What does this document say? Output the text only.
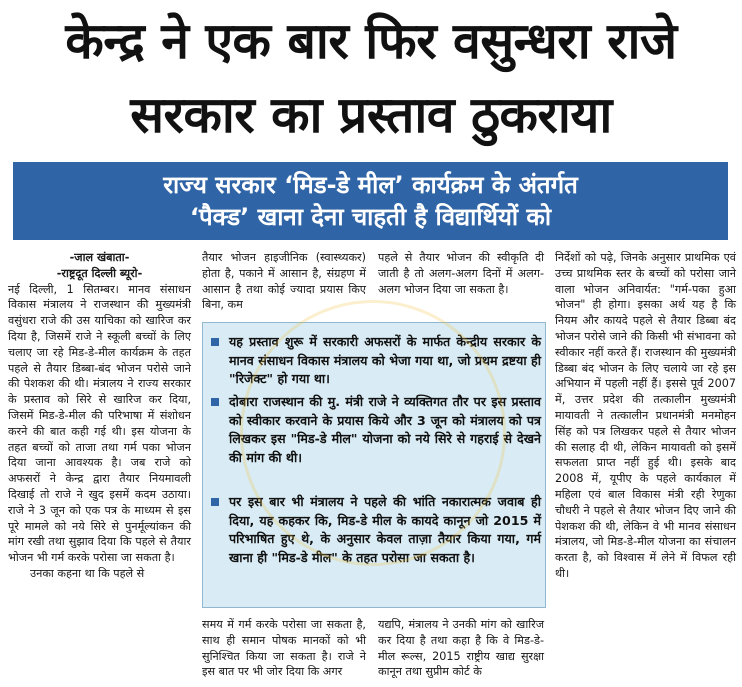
केन्द्र ने एक बार फिर वसुन्धरा राजे
सरकार का प्रस्ताव ठुकराया
राज्य सरकार ‘मिड-डे मील’ कार्यक्रम के अंतर्गत
‘पैक्ड’ खाना देना चाहती है विद्यार्थियों को

-जाल खंबाता-

-राष्ट्रदूत दिल्ली ब्यूरो-

नई दिल्ली, 1 सितम्बर। मानव संसाधन विकास मंत्रालय ने राजस्थान की मुख्यमंत्री वसुंधरा राजे की उस याचिका को खारिज कर दिया है, जिसमें राजे ने स्कूली बच्चों के लिए चलाए जा रहे मिड-डे-मील कार्यक्रम के तहत पहले से तैयार डिब्बा-बंद भोजन परोसे जाने की पेशकश की थी। मंत्रालय ने राज्य सरकार के प्रस्ताव को सिरे से खारिज कर दिया, जिसमें मिड-डे-मील की परिभाषा में संशोधन करने की बात कही गई थी। इस योजना के तहत बच्चों को ताजा तथा गर्म पका भोजन दिया जाना आवश्यक है। जब राजे को अफसरों ने केन्द्र द्वारा तैयार नियमावली दिखाई तो राजे ने खुद इसमें कदम उठाया। राजे ने 3 जून को एक पत्र के माध्यम से इस पूरे मामले को नये सिरे से पुनर्मूल्यांकन की मांग रखी तथा सुझाव दिया कि पहले से तैयार भोजन भी गर्म करके परोसा जा सकता है।

उनका कहना था कि पहले से

तैयार भोजन हाइजीनिक (स्वास्थ्यकर) होता है, पकाने में आसान है, संग्रहण में आसान है तथा कोई ज्यादा प्रयास किए बिना, कम
पहले से तैयार भोजन की स्वीकृति दी जाती है तो अलग-अलग दिनों में अलग-अलग भोजन दिया जा सकता है।
यह प्रस्ताव शुरू में सरकारी अफसरों के मार्फत केन्द्रीय सरकार के मानव संसाधन विकास मंत्रालय को भेजा गया था, जो प्रथम द्रष्टया ही "रिजेक्ट" हो गया था।
दोबारा राजस्थान की मु. मंत्री राजे ने व्यक्तिगत तौर पर इस प्रस्ताव को स्वीकार करवाने के प्रयास किये और 3 जून को मंत्रालय को पत्र लिखकर इस "मिड-डे मील" योजना को नये सिरे से गहराई से देखने की मांग की थी।
पर इस बार भी मंत्रालय ने पहले की भांति नकारात्मक जवाब ही दिया, यह कहकर कि, मिड-डे मील के कायदे कानून जो 2015 में परिभाषित हुए थे, के अनुसार केवल ताज़ा तैयार किया गया, गर्म खाना ही "मिड-डे मील" के तहत परोसा जा सकता है।
निर्देशों को पढ़े, जिनके अनुसार प्राथमिक एवं उच्च प्राथमिक स्तर के बच्चों को परोसा जाने वाला भोजन अनिवार्यत: "गर्म-पका हुआ भोजन" ही होगा। इसका अर्थ यह है कि नियम और कायदे पहले से तैयार डिब्बा बंद भोजन परोसे जाने की किसी भी संभावना को स्वीकार नहीं करते हैं। राजस्थान की मुख्यमंत्री डिब्बा बंद भोजन के लिए चलाये जा रहे इस अभियान में पहली नहीं हैं। इससे पूर्व 2007 में, उत्तर प्रदेश की तत्कालीन मुख्यमंत्री मायावती ने तत्कालीन प्रधानमंत्री मनमोहन सिंह को पत्र लिखकर पहले से तैयार भोजन की सलाह दी थी, लेकिन मायावती को इसमें सफलता प्राप्त नहीं हुई थी। इसके बाद 2008 में, यूपीए के पहले कार्यकाल में महिला एवं बाल विकास मंत्री रही रेणुका चौधरी ने पहले से तैयार भोजन दिए जाने की पेशकश की थी, लेकिन वे भी मानव संसाधन मंत्रालय, जो मिड-डे-मील योजना का संचालन करता है, को विश्वास में लेने में विफल रही थी।
समय में गर्म करके परोसा जा सकता है, साथ ही समान पोषक मानकों को भी सुनिश्चित किया जा सकता है। राजे ने इस बात पर भी जोर दिया कि अगर
यद्यपि, मंत्रालय ने उनकी मांग को खारिज कर दिया है तथा कहा है कि वे मिड-डे-मील रूल्स, 2015 राष्ट्रीय खाद्य सुरक्षा कानून तथा सुप्रीम कोर्ट के
